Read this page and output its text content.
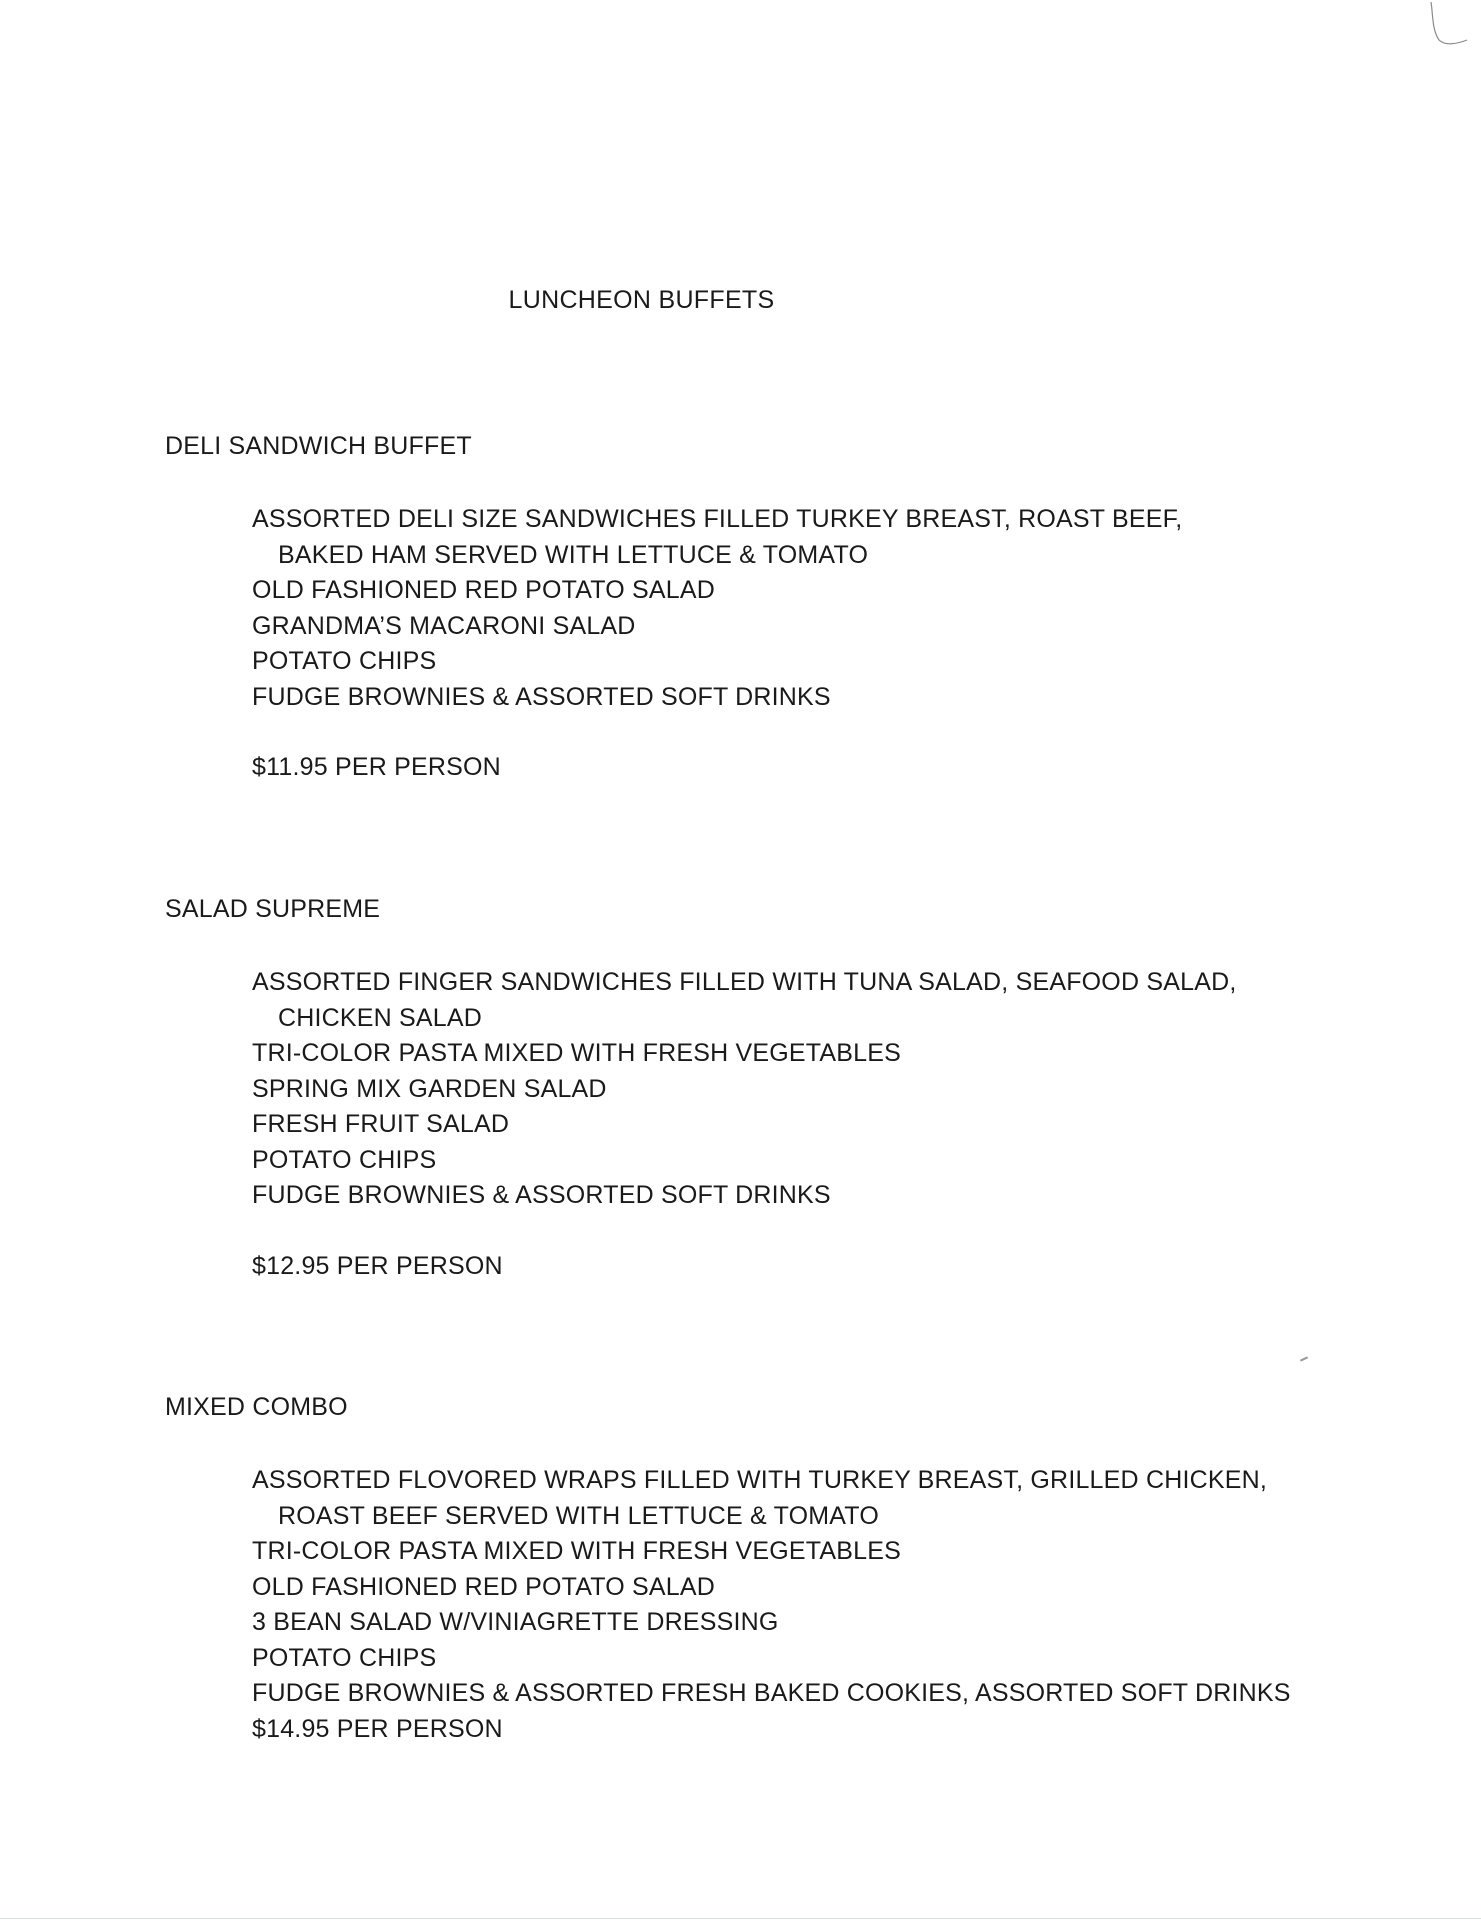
LUNCHEON BUFFETS
DELI SANDWICH BUFFET
ASSORTED DELI SIZE SANDWICHES FILLED TURKEY BREAST, ROAST BEEF,
BAKED HAM SERVED WITH LETTUCE & TOMATO
OLD FASHIONED RED POTATO SALAD
GRANDMA’S MACARONI SALAD
POTATO CHIPS
FUDGE BROWNIES & ASSORTED SOFT DRINKS
$11.95 PER PERSON
SALAD SUPREME
ASSORTED FINGER SANDWICHES FILLED WITH TUNA SALAD, SEAFOOD SALAD,
CHICKEN SALAD
TRI-COLOR PASTA MIXED WITH FRESH VEGETABLES
SPRING MIX GARDEN SALAD
FRESH FRUIT SALAD
POTATO CHIPS
FUDGE BROWNIES & ASSORTED SOFT DRINKS
$12.95 PER PERSON
MIXED COMBO
ASSORTED FLOVORED WRAPS FILLED WITH TURKEY BREAST, GRILLED CHICKEN,
ROAST BEEF SERVED WITH LETTUCE & TOMATO
TRI-COLOR PASTA MIXED WITH FRESH VEGETABLES
OLD FASHIONED RED POTATO SALAD
3 BEAN SALAD W/VINIAGRETTE DRESSING
POTATO CHIPS
FUDGE BROWNIES & ASSORTED FRESH BAKED COOKIES, ASSORTED SOFT DRINKS
$14.95 PER PERSON
